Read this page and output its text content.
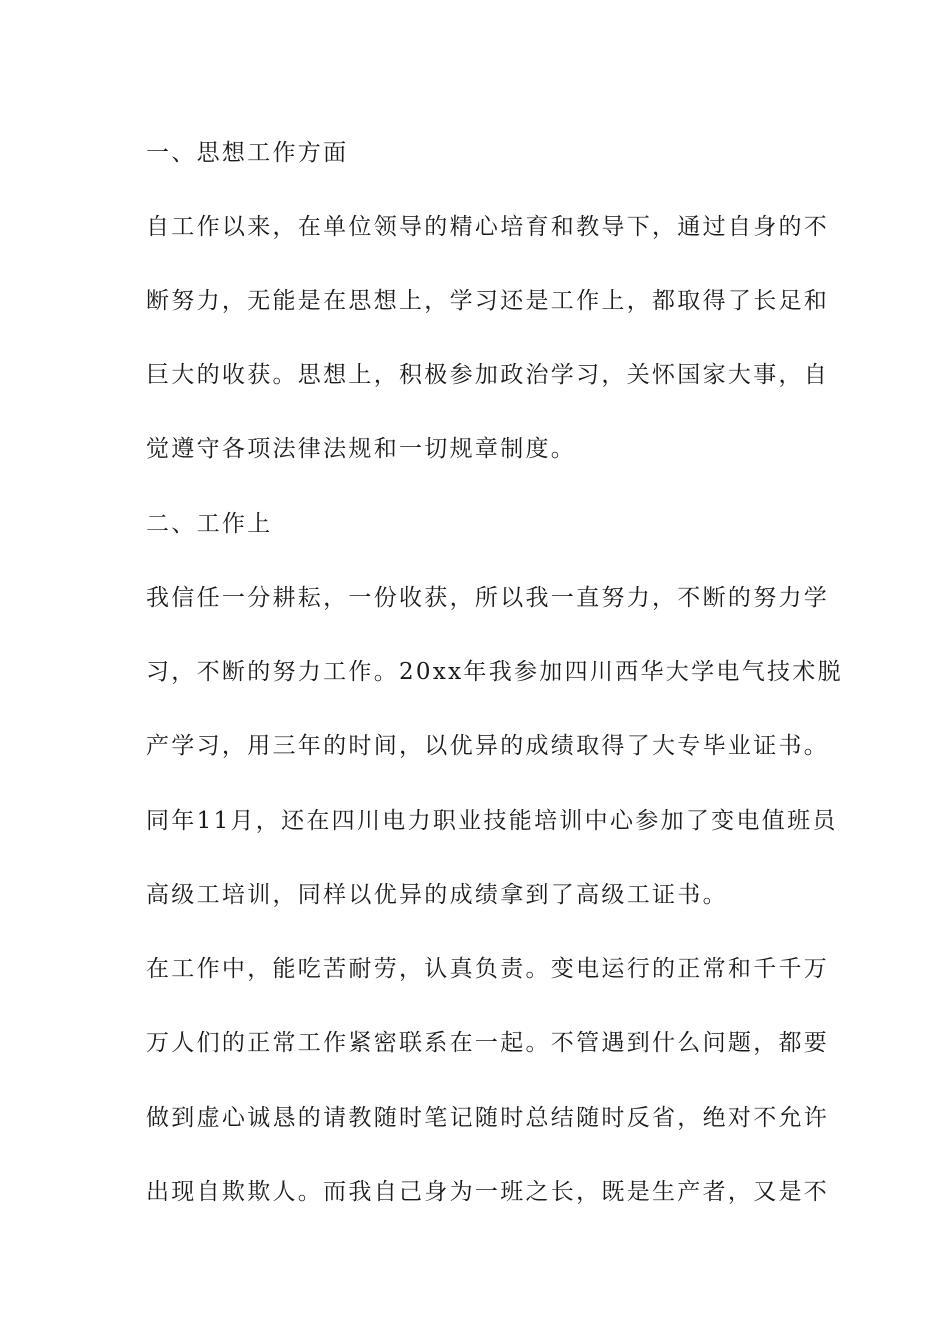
一、思想工作方面
自工作以来，在单位领导的精心培育和教导下，通过自身的不
断努力，无能是在思想上，学习还是工作上，都取得了长足和
巨大的收获。思想上，积极参加政治学习，关怀国家大事，自
觉遵守各项法律法规和一切规章制度。
二、工作上
我信任一分耕耘，一份收获，所以我一直努力，不断的努力学
习，不断的努力工作。20xx年我参加四川西华大学电气技术脱
产学习，用三年的时间，以优异的成绩取得了大专毕业证书。
同年11月，还在四川电力职业技能培训中心参加了变电值班员
高级工培训，同样以优异的成绩拿到了高级工证书。
在工作中，能吃苦耐劳，认真负责。变电运行的正常和千千万
万人们的正常工作紧密联系在一起。不管遇到什么问题，都要
做到虚心诚恳的请教随时笔记随时总结随时反省，绝对不允许
出现自欺欺人。而我自己身为一班之长，既是生产者，又是不
